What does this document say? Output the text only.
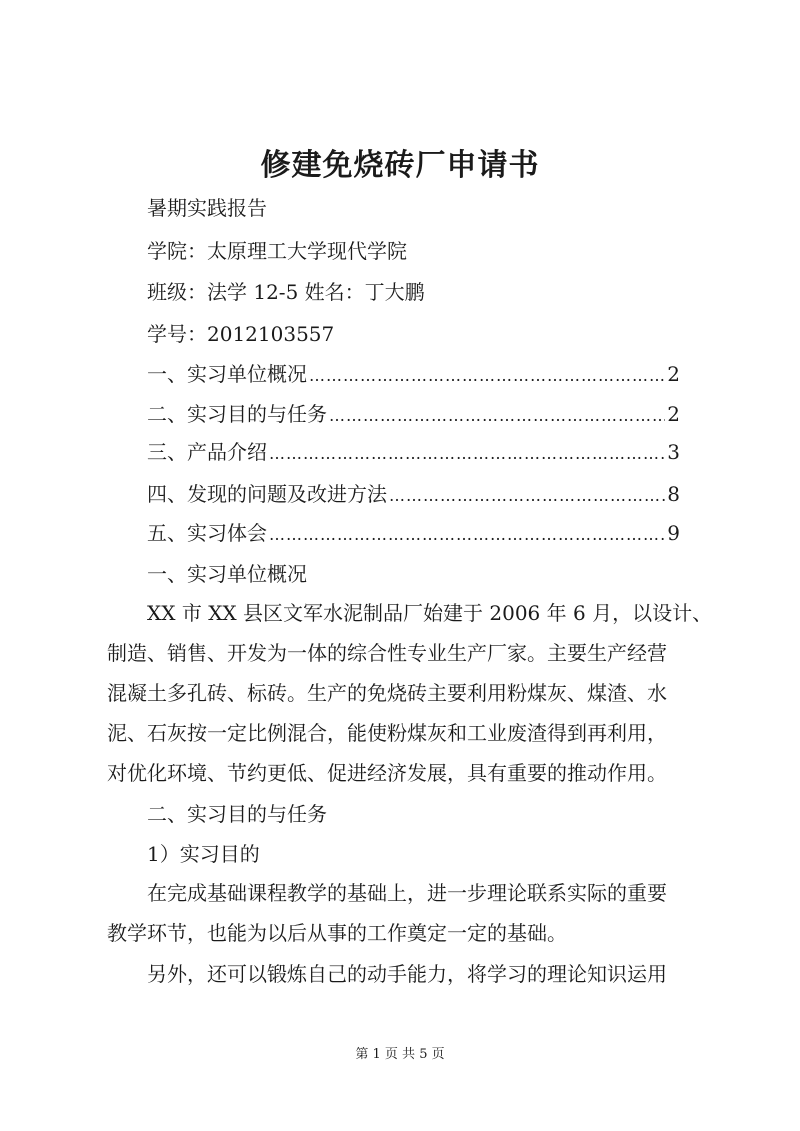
修建免烧砖厂申请书
暑期实践报告
学院：太原理工大学现代学院
班级：法学 12-5 姓名：丁大鹏
学号：2012103557
一、实习单位概况 ………………………………………………………………………………………………………………………………	2
二、实习目的与任务 ………………………………………………………………………………………………………………………………	2
三、产品介绍 ………………………………………………………………………………………………………………………………	3
四、发现的问题及改进方法 ………………………………………………………………………………………………………………………………	8
五、实习体会 ………………………………………………………………………………………………………………………………	9
一、实习单位概况
XX 市 XX 县区文军水泥制品厂始建于 2006 年 6 月，以设计、
制造、销售、开发为一体的综合性专业生产厂家。主要生产经营
混凝土多孔砖、标砖。生产的免烧砖主要利用粉煤灰、煤渣、水
泥、石灰按一定比例混合，能使粉煤灰和工业废渣得到再利用，
对优化环境、节约更低、促进经济发展，具有重要的推动作用。
二、实习目的与任务
1）实习目的
在完成基础课程教学的基础上，进一步理论联系实际的重要
教学环节，也能为以后从事的工作奠定一定的基础。
另外，还可以锻炼自己的动手能力，将学习的理论知识运用
第 1 页 共 5 页
